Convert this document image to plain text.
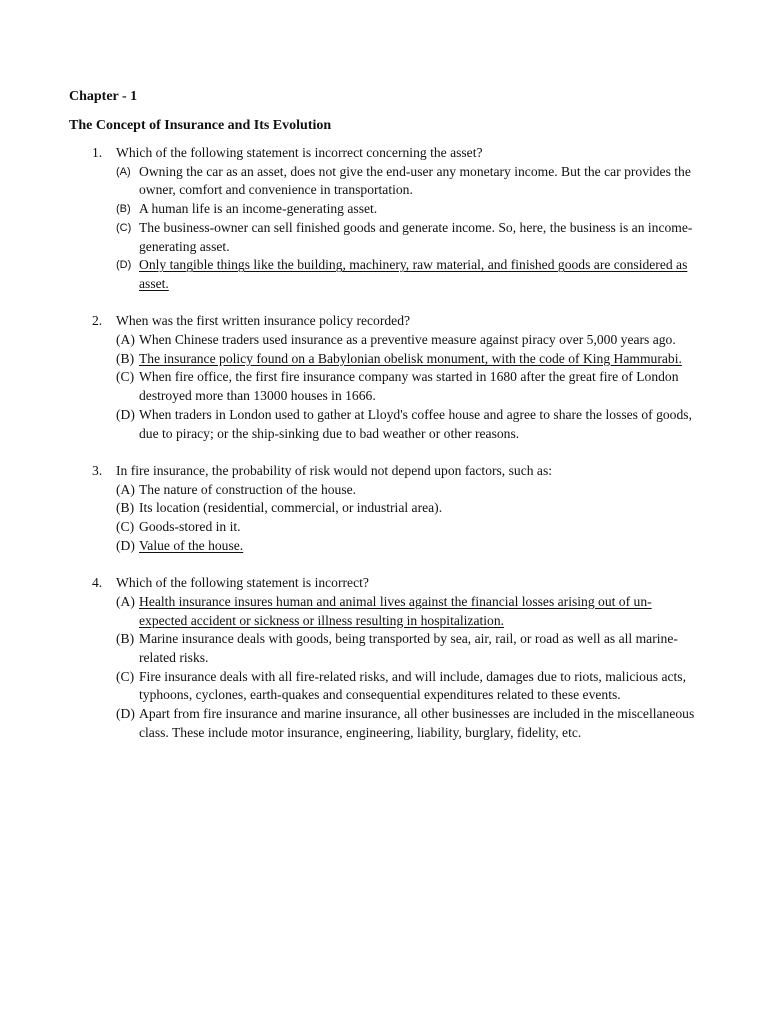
Chapter - 1
The Concept of Insurance and Its Evolution
1. Which of the following statement is incorrect concerning the asset?
(A) Owning the car as an asset, does not give the end-user any monetary income. But the car provides the owner, comfort and convenience in transportation.
(B) A human life is an income-generating asset.
(C) The business-owner can sell finished goods and generate income. So, here, the business is an income-generating asset.
(D) Only tangible things like the building, machinery, raw material, and finished goods are considered as asset.
2. When was the first written insurance policy recorded?
(A) When Chinese traders used insurance as a preventive measure against piracy over 5,000 years ago.
(B) The insurance policy found on a Babylonian obelisk monument, with the code of King Hammurabi.
(C) When fire office, the first fire insurance company was started in 1680 after the great fire of London destroyed more than 13000 houses in 1666.
(D) When traders in London used to gather at Lloyd's coffee house and agree to share the losses of goods, due to piracy; or the ship-sinking due to bad weather or other reasons.
3. In fire insurance, the probability of risk would not depend upon factors, such as:
(A) The nature of construction of the house.
(B) Its location (residential, commercial, or industrial area).
(C) Goods-stored in it.
(D) Value of the house.
4. Which of the following statement is incorrect?
(A) Health insurance insures human and animal lives against the financial losses arising out of un-expected accident or sickness or illness resulting in hospitalization.
(B) Marine insurance deals with goods, being transported by sea, air, rail, or road as well as all marine-related risks.
(C) Fire insurance deals with all fire-related risks, and will include, damages due to riots, malicious acts, typhoons, cyclones, earth-quakes and consequential expenditures related to these events.
(D) Apart from fire insurance and marine insurance, all other businesses are included in the miscellaneous class. These include motor insurance, engineering, liability, burglary, fidelity, etc.
